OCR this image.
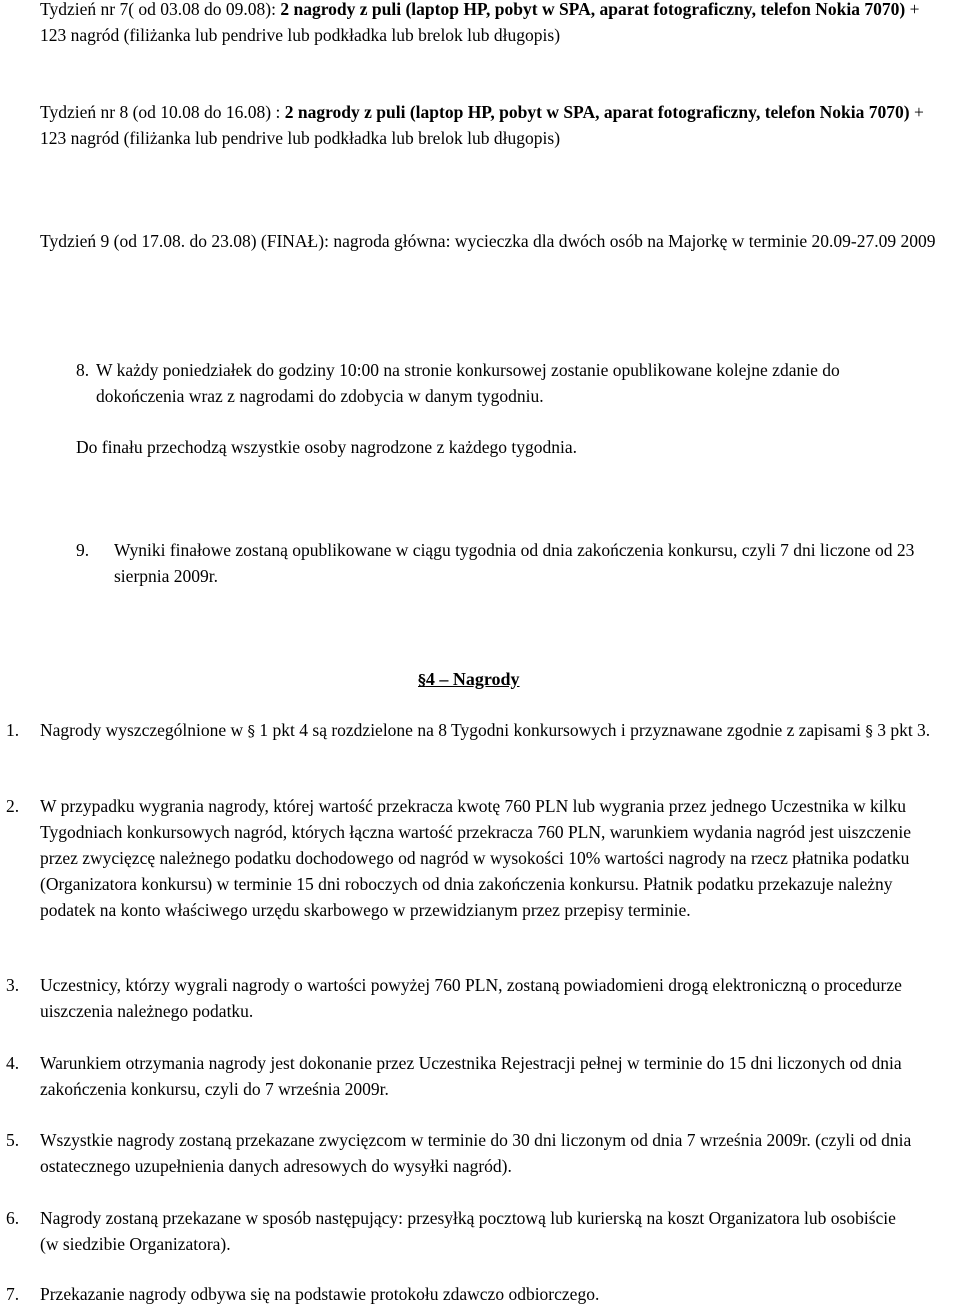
Tydzień nr 7( od 03.08 do 09.08): 2 nagrody z puli (laptop HP, pobyt w SPA, aparat fotograficzny, telefon Nokia 7070) + 123 nagród (filiżanka lub pendrive lub podkładka lub brelok lub długopis)
Tydzień nr 8 (od 10.08 do 16.08) : 2 nagrody z puli (laptop HP, pobyt w SPA, aparat fotograficzny, telefon Nokia 7070) + 123 nagród (filiżanka lub pendrive lub podkładka lub brelok lub długopis)
Tydzień 9 (od 17.08. do 23.08) (FINAŁ): nagroda główna: wycieczka dla dwóch osób na Majorkę w terminie 20.09-27.09 2009
8. W każdy poniedziałek do godziny 10:00 na stronie konkursowej zostanie opublikowane kolejne zdanie do dokończenia wraz z nagrodami do zdobycia w danym tygodniu.
Do finału przechodzą wszystkie osoby nagrodzone z każdego tygodnia.
9.	Wyniki finałowe zostaną opublikowane w ciągu tygodnia od dnia zakończenia konkursu, czyli 7 dni liczone od 23 sierpnia 2009r.
§4 – Nagrody
1.	Nagrody wyszczególnione w § 1 pkt 4 są rozdzielone na 8 Tygodni konkursowych i przyznawane zgodnie z zapisami § 3 pkt 3.
2.	W przypadku wygrania nagrody, której wartość przekracza kwotę 760 PLN lub wygrania przez jednego Uczestnika w kilku Tygodniach konkursowych nagród, których łączna wartość przekracza 760 PLN, warunkiem wydania nagród jest uiszczenie przez zwycięzcę należnego podatku dochodowego od nagród w wysokości 10% wartości nagrody na rzecz płatnika podatku (Organizatora konkursu) w terminie 15 dni roboczych od dnia zakończenia konkursu. Płatnik podatku przekazuje należny podatek na konto właściwego urzędu skarbowego w przewidzianym przez przepisy terminie.
3.	Uczestnicy, którzy wygrali nagrody o wartości powyżej 760 PLN, zostaną powiadomieni drogą elektroniczną o procedurze uiszczenia należnego podatku.
4.	Warunkiem otrzymania nagrody jest dokonanie przez Uczestnika Rejestracji pełnej w terminie do 15 dni liczonych od dnia zakończenia konkursu, czyli do 7 września 2009r.
5.	Wszystkie nagrody zostaną przekazane zwycięzcom w terminie do 30 dni liczonym od dnia 7 września 2009r. (czyli od dnia ostatecznego uzupełnienia danych adresowych do wysyłki nagród).
6.	Nagrody zostaną przekazane w sposób następujący: przesyłką pocztową lub kurierską na koszt Organizatora lub osobiście (w siedzibie Organizatora).
7.	Przekazanie nagrody odbywa się na podstawie protokołu zdawczo odbiorczego.
